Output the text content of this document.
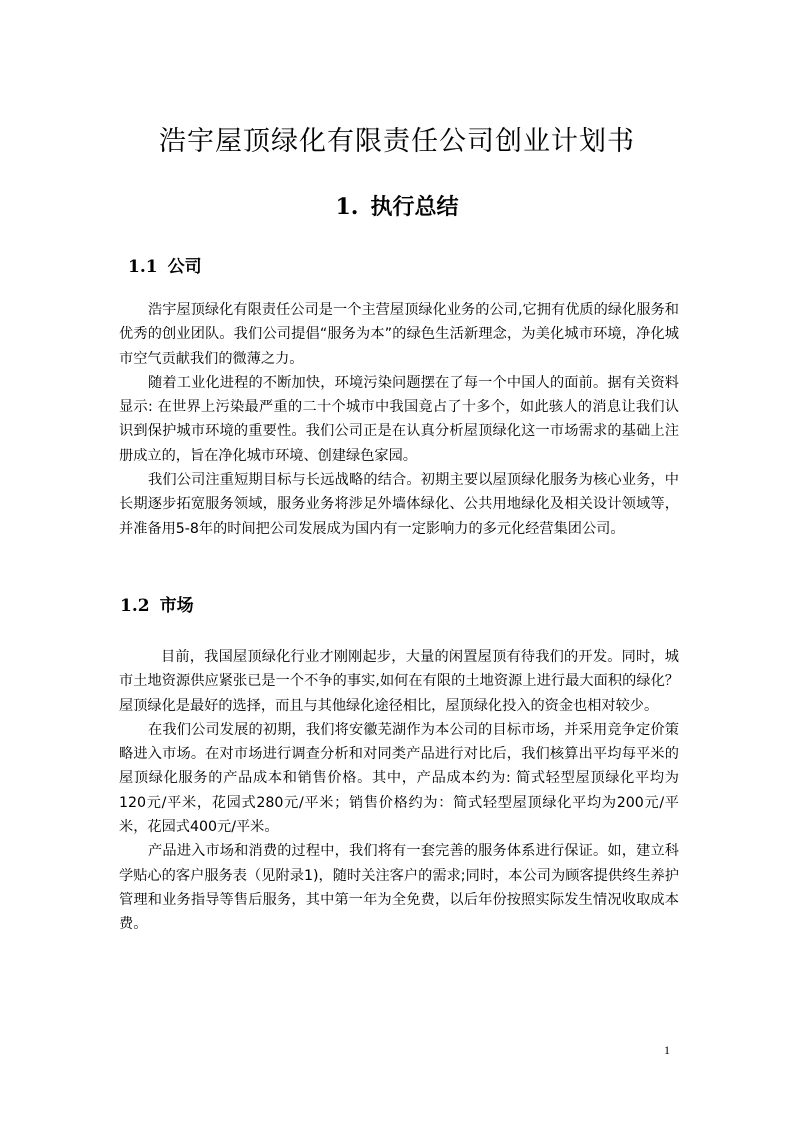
浩宇屋顶绿化有限责任公司创业计划书
1. 执行总结
1.1 公司

浩宇屋顶绿化有限责任公司是一个主营屋顶绿化业务的公司,它拥有优质的绿化服务和优秀的创业团队。我们公司提倡“服务为本”的绿色生活新理念，为美化城市环境，净化城市空气贡献我们的微薄之力。

随着工业化进程的不断加快，环境污染问题摆在了每一个中国人的面前。据有关资料显示: 在世界上污染最严重的二十个城市中我国竟占了十多个，如此骇人的消息让我们认识到保护城市环境的重要性。我们公司正是在认真分析屋顶绿化这一市场需求的基础上注册成立的，旨在净化城市环境、创建绿色家园。

我们公司注重短期目标与长远战略的结合。初期主要以屋顶绿化服务为核心业务，中长期逐步拓宽服务领域，服务业务将涉足外墙体绿化、公共用地绿化及相关设计领域等，并准备用5-8年的时间把公司发展成为国内有一定影响力的多元化经营集团公司。

1.2 市场

目前，我国屋顶绿化行业才刚刚起步，大量的闲置屋顶有待我们的开发。同时，城市土地资源供应紧张已是一个不争的事实,如何在有限的土地资源上进行最大面积的绿化？屋顶绿化是最好的选择，而且与其他绿化途径相比，屋顶绿化投入的资金也相对较少。

在我们公司发展的初期，我们将安徽芜湖作为本公司的目标市场，并采用竞争定价策略进入市场。在对市场进行调查分析和对同类产品进行对比后，我们核算出平均每平米的屋顶绿化服务的产品成本和销售价格。其中，产品成本约为: 简式轻型屋顶绿化平均为120元/平米，花园式280元/平米；销售价格约为：简式轻型屋顶绿化平均为200元/平米，花园式400元/平米。

产品进入市场和消费的过程中，我们将有一套完善的服务体系进行保证。如，建立科学贴心的客户服务表（见附录1)，随时关注客户的需求;同时，本公司为顾客提供终生养护管理和业务指导等售后服务，其中第一年为全免费，以后年份按照实际发生情况收取成本费。

1
